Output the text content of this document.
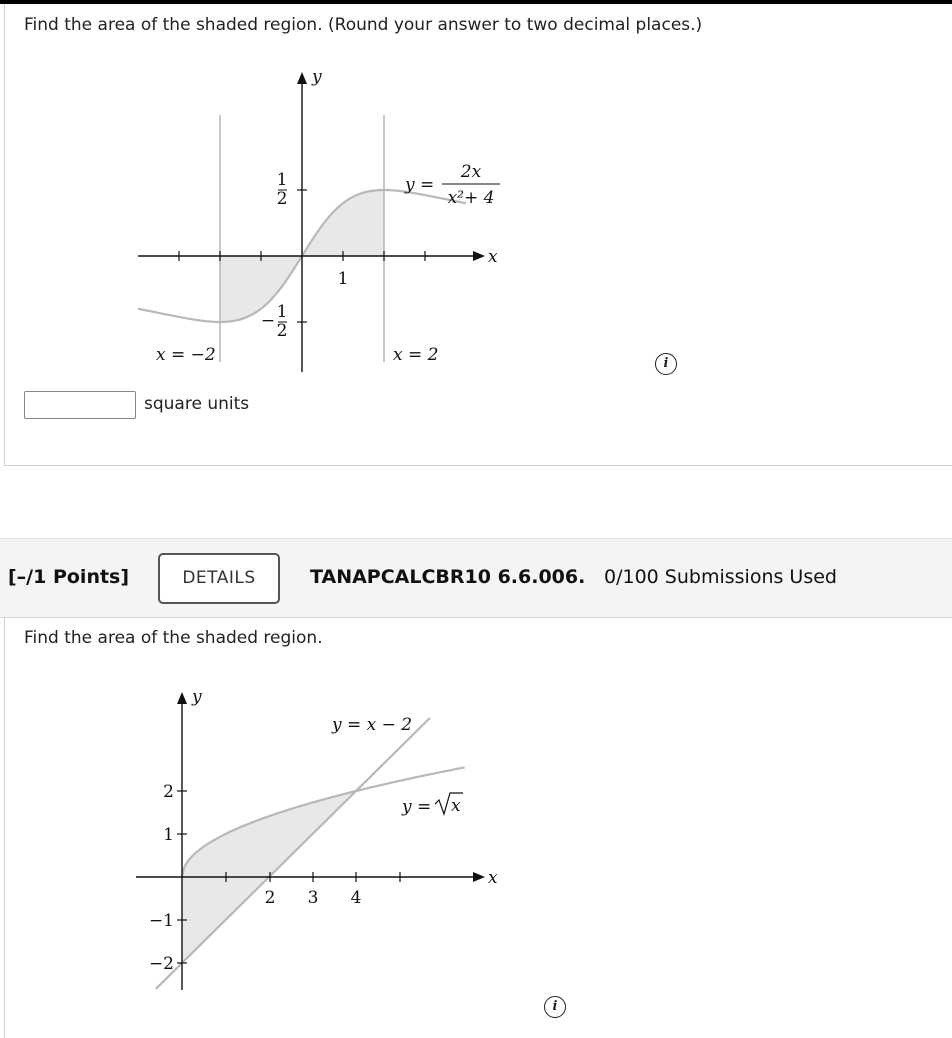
Find the area of the shaded region. (Round your answer to two decimal places.)
y
x
1
2
− 1
2
1
y =
2x
x²+ 4
x = −2	x = 2
square units
i
[–/1 Points]	DETAILS	TANAPCALCBR10 6.6.006. 0/100 Submissions Used
Find the area of the shaded region.
y
x
2
1
−1
−2
2 3 4
y = x − 2
y = x
i
